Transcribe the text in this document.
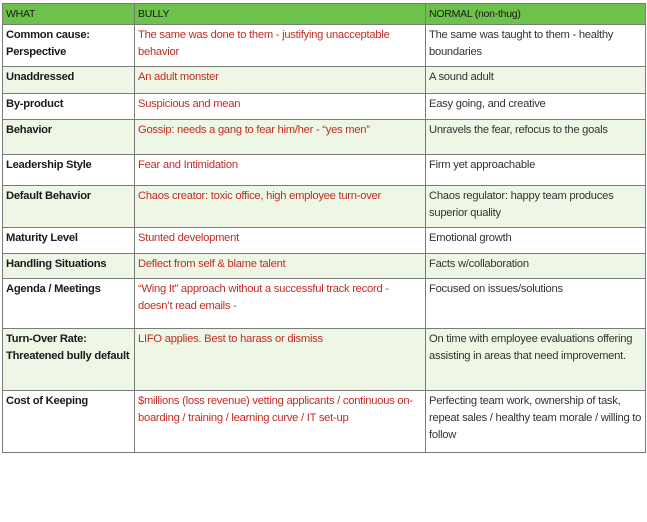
WHAT	BULLY	NORMAL (non-thug)

Common cause: Perspective	The same was done to them - justifying unacceptable behavior	The same was taught to them - healthy boundaries

Unaddressed	An adult monster	A sound adult

By-product	Suspicious and mean	Easy going, and creative

Behavior	Gossip: needs a gang to fear him/her - “yes men”	Unravels the fear, refocus to the goals

Leadership Style	Fear and Intimidation	Firm yet approachable

Default Behavior	Chaos creator: toxic office, high employee turn-over	Chaos regulator: happy team produces superior quality

Maturity Level	Stunted development	Emotional growth

Handling Situations	Deflect from self & blame talent	Facts w/collaboration

Agenda / Meetings	“Wing It” approach without a successful track record - doesn’t read emails -	Focused on issues/solutions

Turn-Over Rate: Threatened bully default	LIFO applies. Best to harass or dismiss	On time with employee evaluations offering assisting in areas that need improvement.

Cost of Keeping	$millions (loss revenue) vetting applicants / continuous on-boarding / training / learning curve / IT set-up	Perfecting team work, ownership of task, repeat sales / healthy team morale / willing to follow
